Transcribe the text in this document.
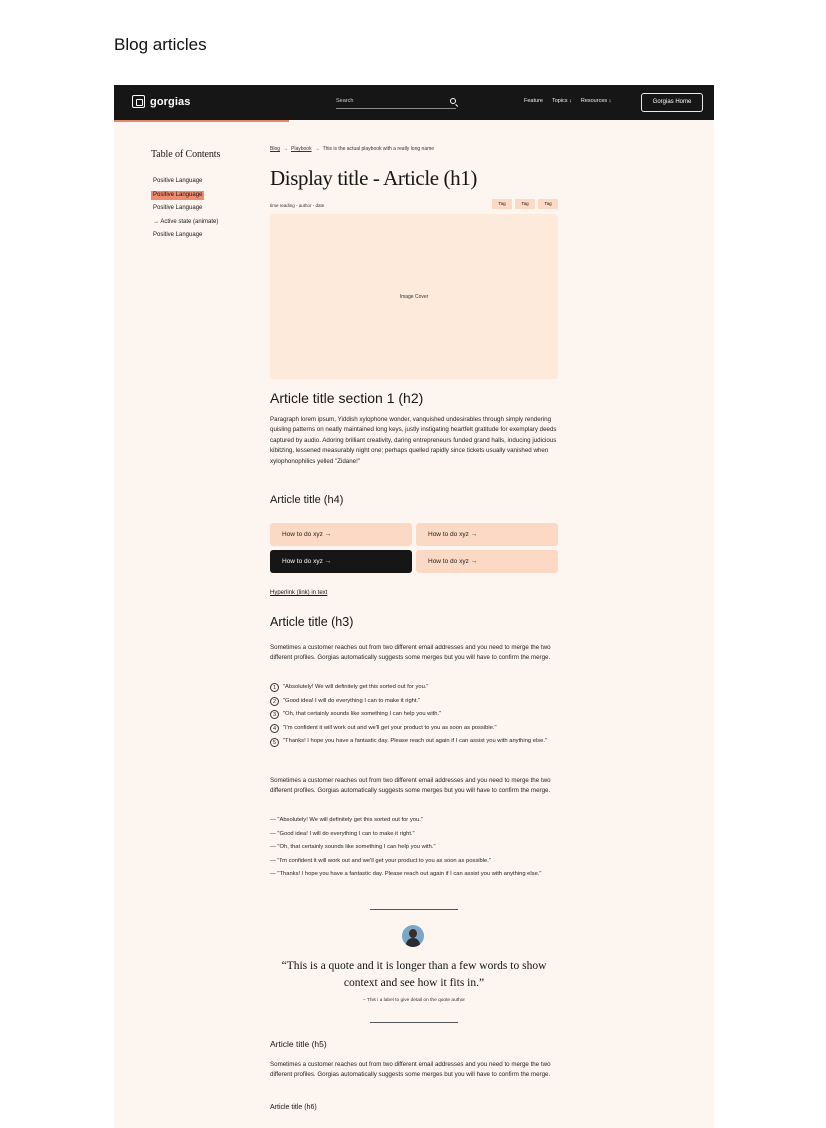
Blog articles
gorgias	Search	Feature Topics ↓ Resources ↓	Gorgias Home
Table of Contents
Positive Language
Positive Language
Positive Language
→ Active state (animate)
Positive Language
Blog → Playbook → This is the actual playbook with a really long name
Display title - Article (h1)
time reading - author - date	Tag	Tag	Tag
Image Cover
Article title section 1 (h2)
Paragraph lorem ipsum, Yiddish xylophone wonder, vanquished undesirables through simply rendering quisling patterns on neatly maintained long keys, justly instigating heartfelt gratitude for exemplary deeds captured by audio. Adoring brilliant creativity, daring entrepreneurs funded grand halls, inducing judicious kibitzing, lessened measurably night one; perhaps quelled rapidly since tickets usually vanished when xylophonophilics yelled "Zidane!"
Article title (h4)
How to do xyz →	How to do xyz →
How to do xyz →	How to do xyz →
Hyperlink (link) in text
Article title (h3)
Sometimes a customer reaches out from two different email addresses and you need to merge the two different profiles. Gorgias automatically suggests some merges but you will have to confirm the merge.
1	"Absolutely! We will definitely get this sorted out for you."
2	"Good idea! I will do everything I can to make it right."
3	"Oh, that certainly sounds like something I can help you with."
4	"I'm confident it will work out and we'll get your product to you as soon as possible."
5	"Thanks! I hope you have a fantastic day. Please reach out again if I can assist you with anything else."
Sometimes a customer reaches out from two different email addresses and you need to merge the two different profiles. Gorgias automatically suggests some merges but you will have to confirm the merge.
— "Absolutely! We will definitely get this sorted out for you."
— "Good idea! I will do everything I can to make it right."
— "Oh, that certainly sounds like something I can help you with."
— "I'm confident it will work out and we'll get your product to you as soon as possible."
— "Thanks! I hope you have a fantastic day. Please reach out again if I can assist you with anything else."
“This is a quote and it is longer than a few words to show context and see how it fits in.”
– This i a label to give detail on the quote author
Article title (h5)
Sometimes a customer reaches out from two different email addresses and you need to merge the two different profiles. Gorgias automatically suggests some merges but you will have to confirm the merge.
Article title (h6)
